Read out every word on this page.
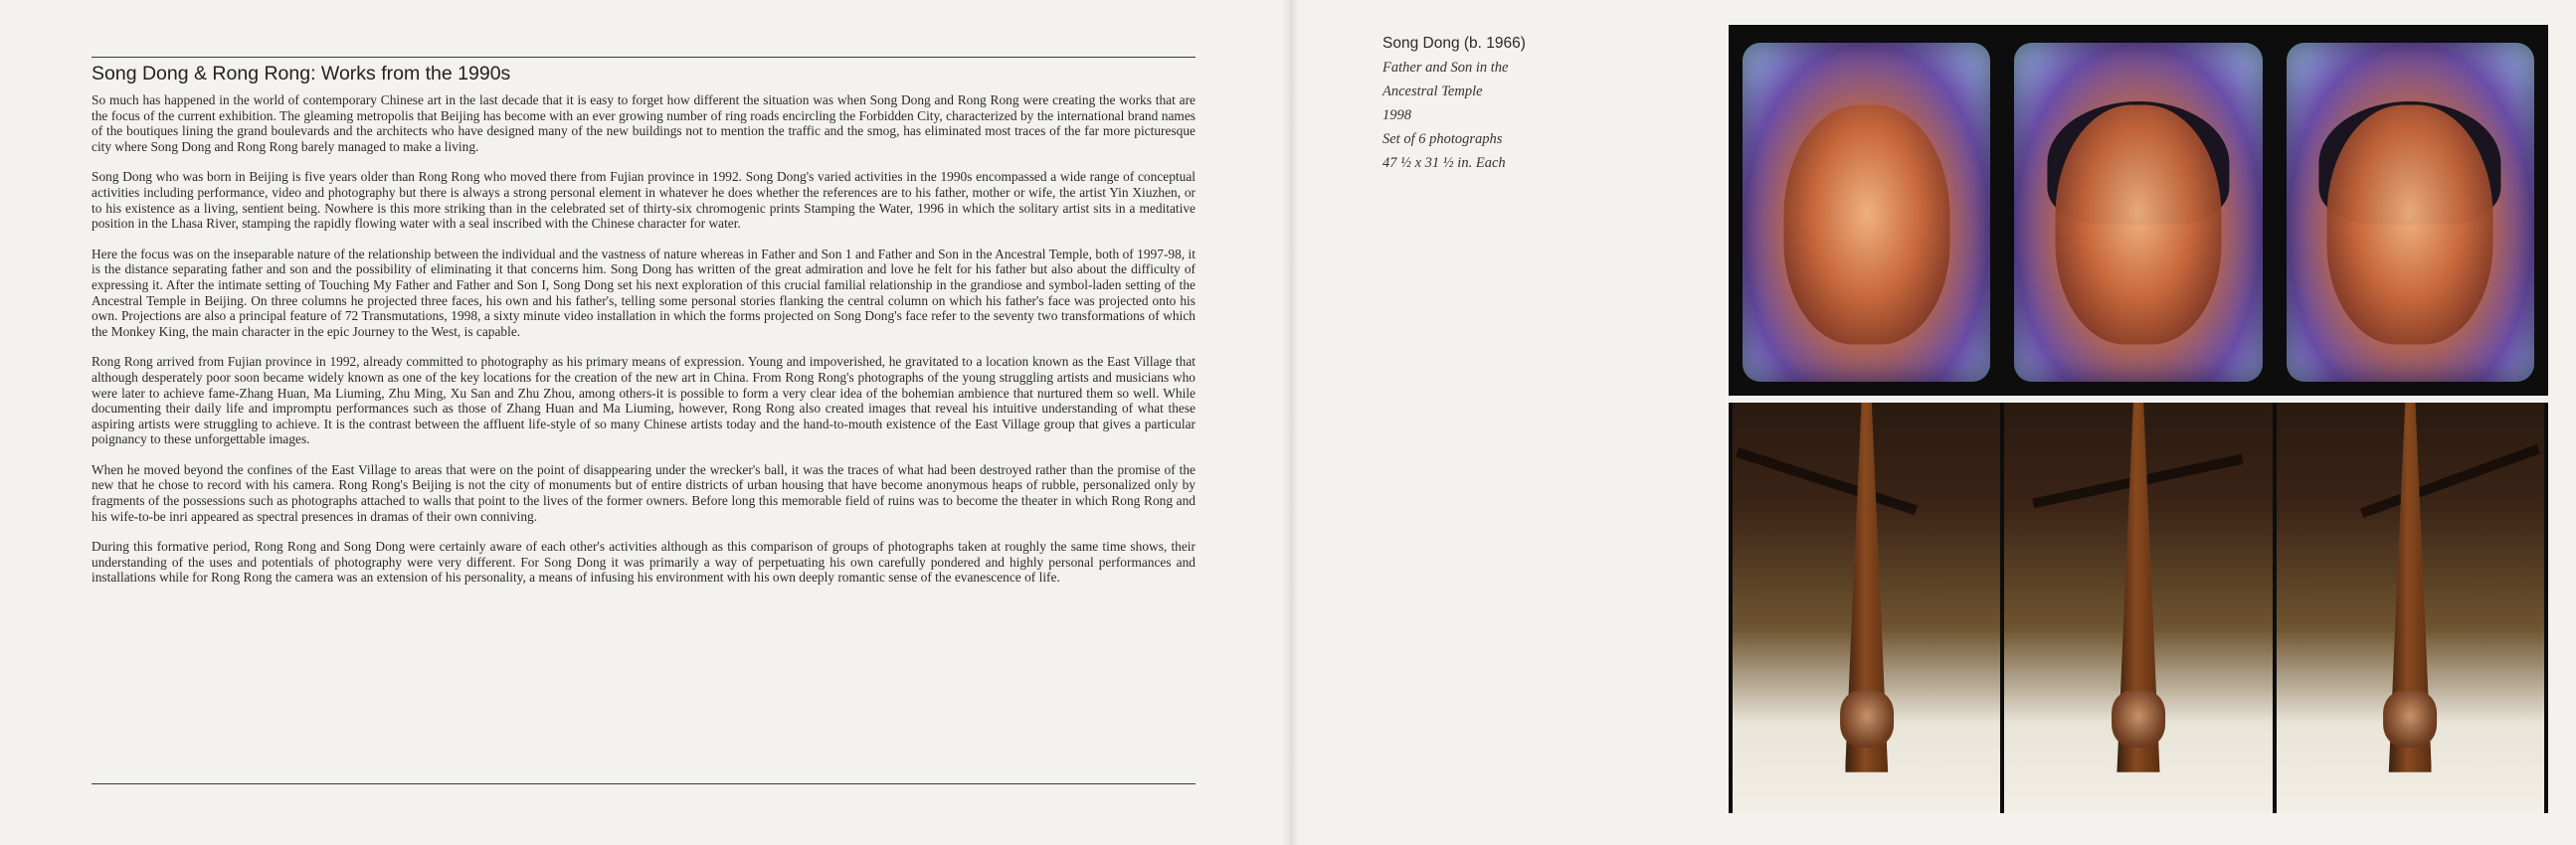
Song Dong & Rong Rong: Works from the 1990s

So much has happened in the world of contemporary Chinese art in the last decade that it is easy to forget how different the situation was when Song Dong and Rong Rong were creating the works that are the focus of the current exhibition. The gleaming metropolis that Beijing has become with an ever growing number of ring roads encircling the Forbidden City, characterized by the international brand names of the boutiques lining the grand boulevards and the architects who have designed many of the new buildings not to mention the traffic and the smog, has eliminated most traces of the far more picturesque city where Song Dong and Rong Rong barely managed to make a living.

Song Dong who was born in Beijing is five years older than Rong Rong who moved there from Fujian province in 1992. Song Dong's varied activities in the 1990s encompassed a wide range of conceptual activities including performance, video and photography but there is always a strong personal element in whatever he does whether the references are to his father, mother or wife, the artist Yin Xiuzhen, or to his existence as a living, sentient being. Nowhere is this more striking than in the celebrated set of thirty-six chromogenic prints Stamping the Water, 1996 in which the solitary artist sits in a meditative position in the Lhasa River, stamping the rapidly flowing water with a seal inscribed with the Chinese character for water.

Here the focus was on the inseparable nature of the relationship between the individual and the vastness of nature whereas in Father and Son 1 and Father and Son in the Ancestral Temple, both of 1997-98, it is the distance separating father and son and the possibility of eliminating it that concerns him. Song Dong has written of the great admiration and love he felt for his father but also about the difficulty of expressing it. After the intimate setting of Touching My Father and Father and Son I, Song Dong set his next exploration of this crucial familial relationship in the grandiose and symbol-laden setting of the Ancestral Temple in Beijing. On three columns he projected three faces, his own and his father's, telling some personal stories flanking the central column on which his father's face was projected onto his own. Projections are also a principal feature of 72 Transmutations, 1998, a sixty minute video installation in which the forms projected on Song Dong's face refer to the seventy two transformations of which the Monkey King, the main character in the epic Journey to the West, is capable.

Rong Rong arrived from Fujian province in 1992, already committed to photography as his primary means of expression. Young and impoverished, he gravitated to a location known as the East Village that although desperately poor soon became widely known as one of the key locations for the creation of the new art in China. From Rong Rong's photographs of the young struggling artists and musicians who were later to achieve fame-Zhang Huan, Ma Liuming, Zhu Ming, Xu San and Zhu Zhou, among others-it is possible to form a very clear idea of the bohemian ambience that nurtured them so well. While documenting their daily life and impromptu performances such as those of Zhang Huan and Ma Liuming, however, Rong Rong also created images that reveal his intuitive understanding of what these aspiring artists were struggling to achieve. It is the contrast between the affluent life-style of so many Chinese artists today and the hand-to-mouth existence of the East Village group that gives a particular poignancy to these unforgettable images.

When he moved beyond the confines of the East Village to areas that were on the point of disappearing under the wrecker's ball, it was the traces of what had been destroyed rather than the promise of the new that he chose to record with his camera. Rong Rong's Beijing is not the city of monuments but of entire districts of urban housing that have become anonymous heaps of rubble, personalized only by fragments of the possessions such as photographs attached to walls that point to the lives of the former owners. Before long this memorable field of ruins was to become the theater in which Rong Rong and his wife-to-be inri appeared as spectral presences in dramas of their own conniving.

During this formative period, Rong Rong and Song Dong were certainly aware of each other's activities although as this comparison of groups of photographs taken at roughly the same time shows, their understanding of the uses and potentials of photography were very different. For Song Dong it was primarily a way of perpetuating his own carefully pondered and highly personal performances and installations while for Rong Rong the camera was an extension of his personality, a means of infusing his environment with his own deeply romantic sense of the evanescence of life.

Song Dong (b. 1966)
Father and Son in the
Ancestral Temple
1998
Set of 6 photographs
47 ½ x 31 ½ in. Each
